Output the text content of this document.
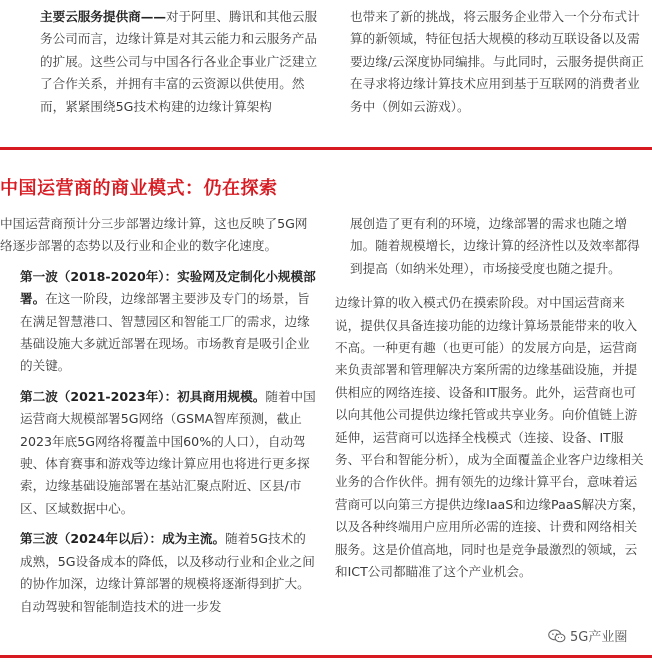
主要云服务提供商——对于阿里、腾讯和其他云服务公司而言，边缘计算是对其云能力和云服务产品的扩展。这些公司与中国各行各业企事业广泛建立了合作关系，并拥有丰富的云资源以供使用。然而，紧紧围绕5G技术构建的边缘计算架构

也带来了新的挑战，将云服务企业带入一个分布式计算的新领域，特征包括大规模的移动互联设备以及需要边缘/云深度协同编排。与此同时，云服务提供商正在寻求将边缘计算技术应用到基于互联网的消费者业务中（例如云游戏）。

中国运营商的商业模式：仍在探索

中国运营商预计分三步部署边缘计算，这也反映了5G网络逐步部署的态势以及行业和企业的数字化速度。

第一波（2018-2020年）：实验网及定制化小规模部署。在这一阶段，边缘部署主要涉及专门的场景，旨在满足智慧港口、智慧园区和智能工厂的需求，边缘基础设施大多就近部署在现场。市场教育是吸引企业的关键。

第二波（2021-2023年）：初具商用规模。随着中国运营商大规模部署5G网络（GSMA智库预测，截止2023年底5G网络将覆盖中国60%的人口），自动驾驶、体育赛事和游戏等边缘计算应用也将进行更多探索，边缘基础设施部署在基站汇聚点附近、区县/市区、区域数据中心。

第三波（2024年以后）：成为主流。随着5G技术的成熟，5G设备成本的降低，以及移动行业和企业之间的协作加深，边缘计算部署的规模将逐渐得到扩大。自动驾驶和智能制造技术的进一步发

展创造了更有利的环境，边缘部署的需求也随之增加。随着规模增长，边缘计算的经济性以及效率都得到提高（如纳米处理），市场接受度也随之提升。

边缘计算的收入模式仍在摸索阶段。对中国运营商来说，提供仅具备连接功能的边缘计算场景能带来的收入不高。一种更有趣（也更可能）的发展方向是，运营商来负责部署和管理解决方案所需的边缘基础设施，并提供相应的网络连接、设备和IT服务。此外，运营商也可以向其他公司提供边缘托管或共享业务。向价值链上游延伸，运营商可以选择全栈模式（连接、设备、IT服务、平台和智能分析），成为全面覆盖企业客户边缘相关业务的合作伙伴。拥有领先的边缘计算平台，意味着运营商可以向第三方提供边缘IaaS和边缘PaaS解决方案，以及各种终端用户应用所必需的连接、计费和网络相关服务。这是价值高地，同时也是竞争最激烈的领域，云和ICT公司都瞄准了这个产业机会。

5G产业圈
